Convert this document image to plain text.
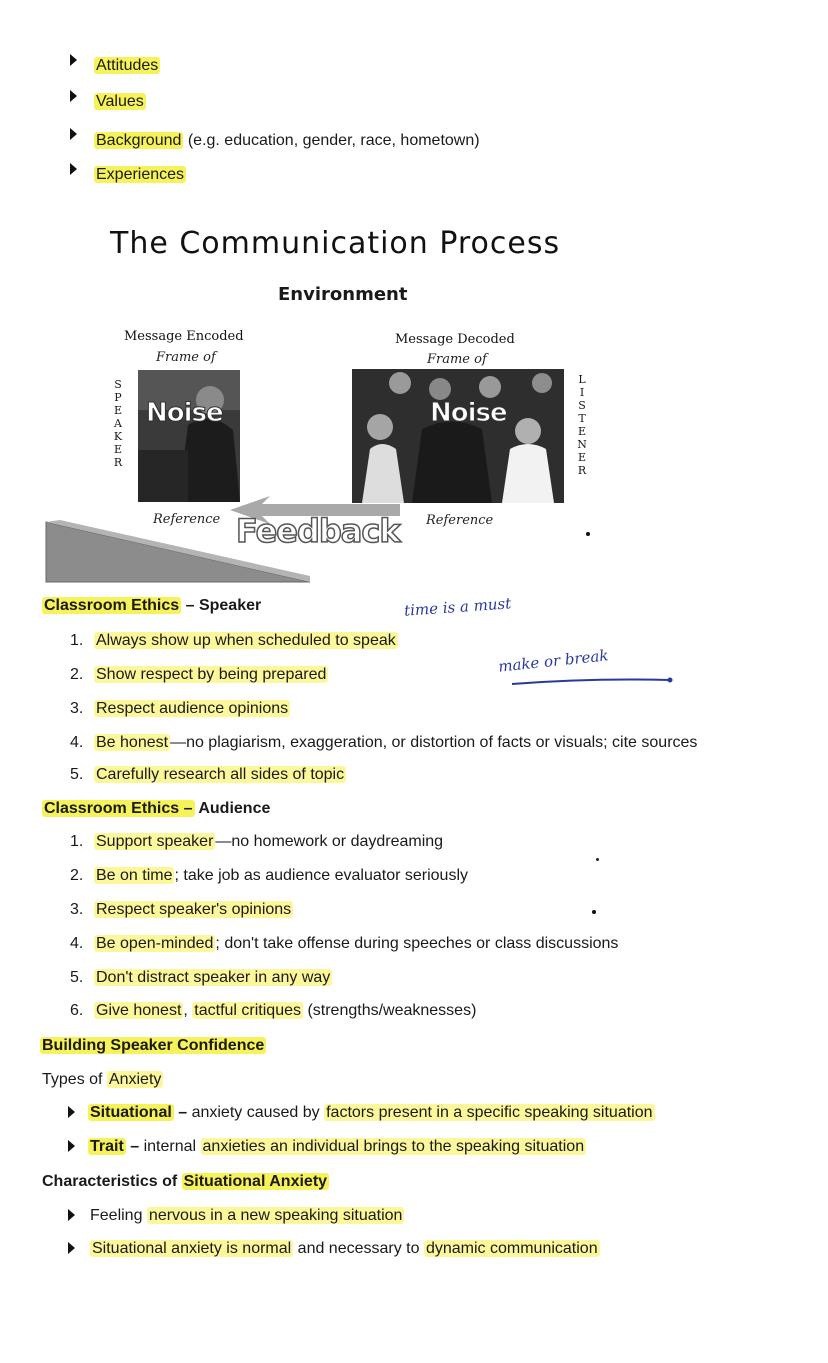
Attitudes
Values
Background (e.g. education, gender, race, hometown)
Experiences
The Communication Process
Environment
Message Encoded
Frame of
Message Decoded
Frame of
S
P
E
A
K
E
R
L
I
S
T
E
N
E
R
Noise	Noise
Reference	Reference
Feedback
Classroom Ethics – Speaker
1. Always show up when scheduled to speak
2. Show respect by being prepared
3. Respect audience opinions
4. Be honest —no plagiarism, exaggeration, or distortion of facts or visuals; cite sources
5. Carefully research all sides of topic
time is a must
make or break
Classroom Ethics – Audience
1. Support speaker —no homework or daydreaming
2. Be on time ; take job as audience evaluator seriously
3. Respect speaker's opinions
4. Be open-minded ; don't take offense during speeches or class discussions
5. Don't distract speaker in any way
6. Give honest , tactful critiques (strengths/weaknesses)
Building Speaker Confidence
Types of Anxiety
Situational – anxiety caused by factors present in a specific speaking situation
Trait – internal anxieties an individual brings to the speaking situation
Characteristics of Situational Anxiety
Feeling nervous in a new speaking situation
Situational anxiety is normal and necessary to dynamic communication
